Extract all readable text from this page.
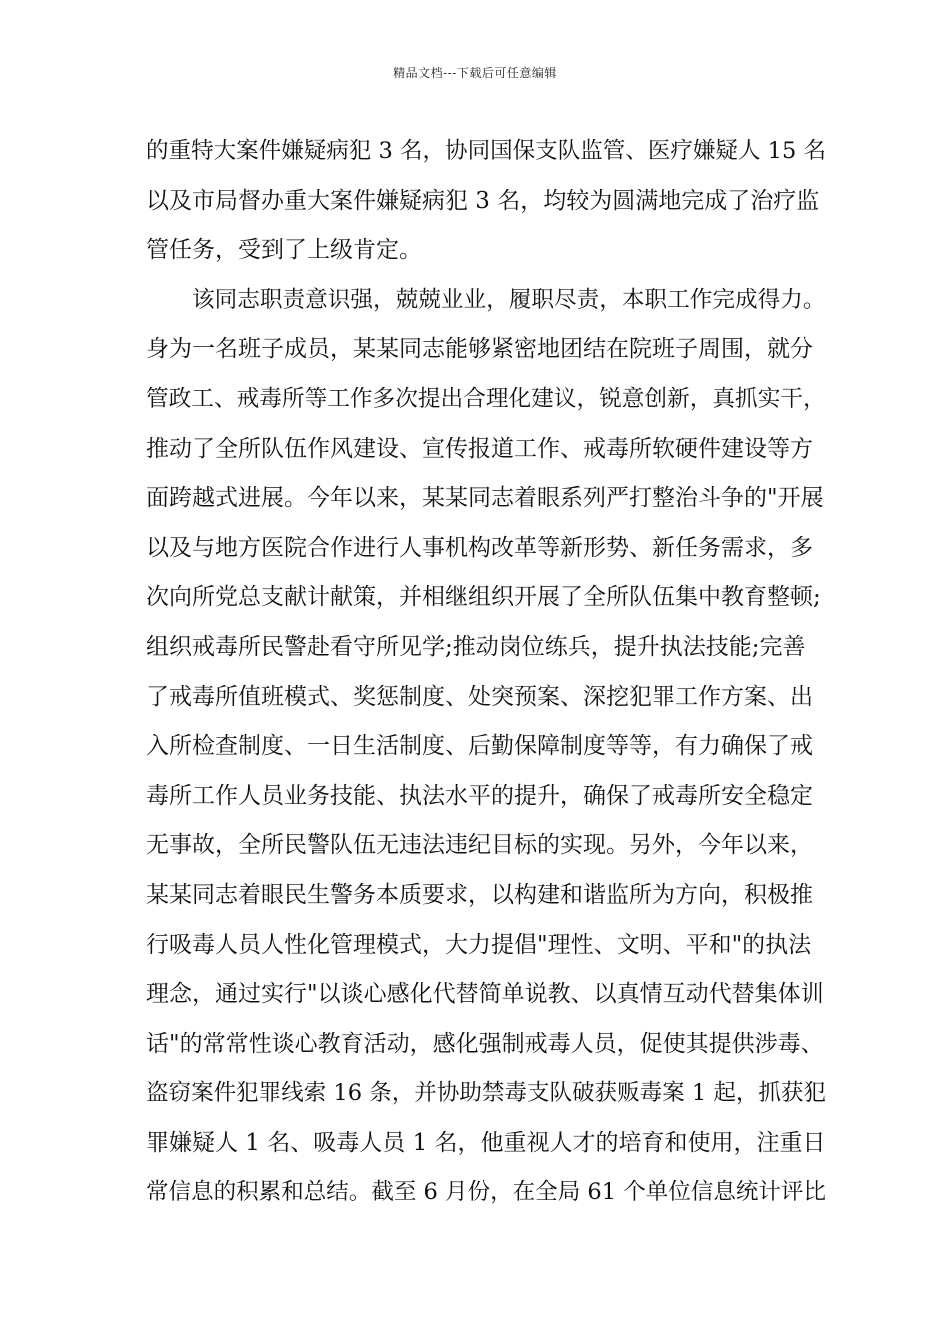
精品文档---下载后可任意编辑
的重特大案件嫌疑病犯 3 名，协同国保支队监管、医疗嫌疑人 15 名
以及市局督办重大案件嫌疑病犯 3 名，均较为圆满地完成了治疗监
管任务，受到了上级肯定。
该同志职责意识强，兢兢业业，履职尽责，本职工作完成得力。
身为一名班子成员，某某同志能够紧密地团结在院班子周围，就分
管政工、戒毒所等工作多次提出合理化建议，锐意创新，真抓实干，
推动了全所队伍作风建设、宣传报道工作、戒毒所软硬件建设等方
面跨越式进展。今年以来，某某同志着眼系列严打整治斗争的"开展
以及与地方医院合作进行人事机构改革等新形势、新任务需求，多
次向所党总支献计献策，并相继组织开展了全所队伍集中教育整顿;
组织戒毒所民警赴看守所见学;推动岗位练兵，提升执法技能;完善
了戒毒所值班模式、奖惩制度、处突预案、深挖犯罪工作方案、出
入所检查制度、一日生活制度、后勤保障制度等等，有力确保了戒
毒所工作人员业务技能、执法水平的提升，确保了戒毒所安全稳定
无事故，全所民警队伍无违法违纪目标的实现。另外，今年以来，
某某同志着眼民生警务本质要求，以构建和谐监所为方向，积极推
行吸毒人员人性化管理模式，大力提倡"理性、文明、平和"的执法
理念，通过实行"以谈心感化代替简单说教、以真情互动代替集体训
话"的常常性谈心教育活动，感化强制戒毒人员，促使其提供涉毒、
盗窃案件犯罪线索 16 条，并协助禁毒支队破获贩毒案 1 起，抓获犯
罪嫌疑人 1 名、吸毒人员 1 名，他重视人才的培育和使用，注重日
常信息的积累和总结。截至 6 月份，在全局 61 个单位信息统计评比
